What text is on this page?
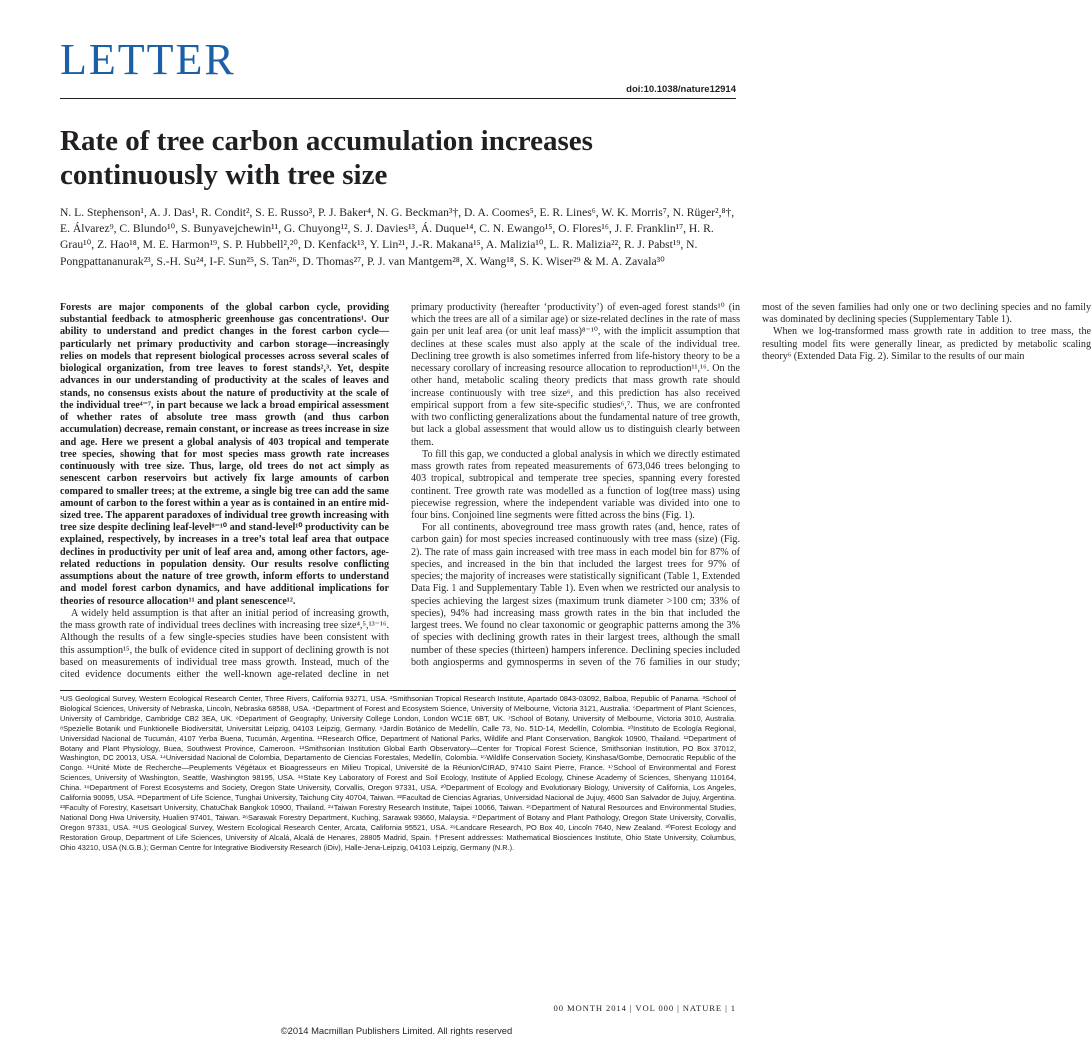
LETTER
doi:10.1038/nature12914
Rate of tree carbon accumulation increases continuously with tree size
N. L. Stephenson¹, A. J. Das¹, R. Condit², S. E. Russo³, P. J. Baker⁴, N. G. Beckman³†, D. A. Coomes⁵, E. R. Lines⁶, W. K. Morris⁷, N. Rüger²,⁸†, E. Álvarez⁹, C. Blundo¹⁰, S. Bunyavejchewin¹¹, G. Chuyong¹², S. J. Davies¹³, Á. Duque¹⁴, C. N. Ewango¹⁵, O. Flores¹⁶, J. F. Franklin¹⁷, H. R. Grau¹⁰, Z. Hao¹⁸, M. E. Harmon¹⁹, S. P. Hubbell²,²⁰, D. Kenfack¹³, Y. Lin²¹, J.-R. Makana¹⁵, A. Malizia¹⁰, L. R. Malizia²², R. J. Pabst¹⁹, N. Pongpattananurak²³, S.-H. Su²⁴, I-F. Sun²⁵, S. Tan²⁶, D. Thomas²⁷, P. J. van Mantgem²⁸, X. Wang¹⁸, S. K. Wiser²⁹ & M. A. Zavala³⁰

Forests are major components of the global carbon cycle, providing substantial feedback to atmospheric greenhouse gas concentrations¹. Our ability to understand and predict changes in the forest carbon cycle—particularly net primary productivity and carbon storage—increasingly relies on models that represent biological processes across several scales of biological organization, from tree leaves to forest stands²,³. Yet, despite advances in our understanding of productivity at the scales of leaves and stands, no consensus exists about the nature of productivity at the scale of the individual tree⁴⁻⁷, in part because we lack a broad empirical assessment of whether rates of absolute tree mass growth (and thus carbon accumulation) decrease, remain constant, or increase as trees increase in size and age. Here we present a global analysis of 403 tropical and temperate tree species, showing that for most species mass growth rate increases continuously with tree size. Thus, large, old trees do not act simply as senescent carbon reservoirs but actively fix large amounts of carbon compared to smaller trees; at the extreme, a single big tree can add the same amount of carbon to the forest within a year as is contained in an entire mid-sized tree. The apparent paradoxes of individual tree growth increasing with tree size despite declining leaf-level⁸⁻¹⁰ and stand-level¹⁰ productivity can be explained, respectively, by increases in a tree’s total leaf area that outpace declines in productivity per unit of leaf area and, among other factors, age-related reductions in population density. Our results resolve conflicting assumptions about the nature of tree growth, inform efforts to understand and model forest carbon dynamics, and have additional implications for theories of resource allocation¹¹ and plant senescence¹².

A widely held assumption is that after an initial period of increasing growth, the mass growth rate of individual trees declines with increasing tree size⁴,⁵,¹³⁻¹⁶. Although the results of a few single-species studies have been consistent with this assumption¹⁵, the bulk of evidence cited in support of declining growth is not based on measurements of individual tree mass growth. Instead, much of the cited evidence documents either the well-known age-related decline in net primary productivity (hereafter ‘productivity’) of even-aged forest stands¹⁰ (in which the trees are all of a similar age) or size-related declines in the rate of mass gain per unit leaf area (or unit leaf mass)⁸⁻¹⁰, with the implicit assumption that declines at these scales must also apply at the scale of the individual tree. Declining tree growth is also sometimes inferred from life-history theory to be a necessary corollary of increasing resource allocation to reproduction¹¹,¹⁶. On the other hand, metabolic scaling theory predicts that mass growth rate should increase continuously with tree size⁶, and this prediction has also received empirical support from a few site-specific studies⁶,⁷. Thus, we are confronted with two conflicting generalizations about the fundamental nature of tree growth, but lack a global assessment that would allow us to distinguish clearly between them.

To fill this gap, we conducted a global analysis in which we directly estimated mass growth rates from repeated measurements of 673,046 trees belonging to 403 tropical, subtropical and temperate tree species, spanning every forested continent. Tree growth rate was modelled as a function of log(tree mass) using piecewise regression, where the independent variable was divided into one to four bins. Conjoined line segments were fitted across the bins (Fig. 1).

For all continents, aboveground tree mass growth rates (and, hence, rates of carbon gain) for most species increased continuously with tree mass (size) (Fig. 2). The rate of mass gain increased with tree mass in each model bin for 87% of species, and increased in the bin that included the largest trees for 97% of species; the majority of increases were statistically significant (Table 1, Extended Data Fig. 1 and Supplementary Table 1). Even when we restricted our analysis to species achieving the largest sizes (maximum trunk diameter >100 cm; 33% of species), 94% had increasing mass growth rates in the bin that included the largest trees. We found no clear taxonomic or geographic patterns among the 3% of species with declining growth rates in their largest trees, although the small number of these species (thirteen) hampers inference. Declining species included both angiosperms and gymnosperms in seven of the 76 families in our study; most of the seven families had only one or two declining species and no family was dominated by declining species (Supplementary Table 1).

When we log-transformed mass growth rate in addition to tree mass, the resulting model fits were generally linear, as predicted by metabolic scaling theory⁶ (Extended Data Fig. 2). Similar to the results of our main

¹US Geological Survey, Western Ecological Research Center, Three Rivers, California 93271, USA. ²Smithsonian Tropical Research Institute, Apartado 0843-03092, Balboa, Republic of Panama. ³School of Biological Sciences, University of Nebraska, Lincoln, Nebraska 68588, USA. ⁴Department of Forest and Ecosystem Science, University of Melbourne, Victoria 3121, Australia. ⁵Department of Plant Sciences, University of Cambridge, Cambridge CB2 3EA, UK. ⁶Department of Geography, University College London, London WC1E 6BT, UK. ⁷School of Botany, University of Melbourne, Victoria 3010, Australia. ⁸Spezielle Botanik und Funktionelle Biodiversität, Universität Leipzig, 04103 Leipzig, Germany. ⁹Jardín Botánico de Medellín, Calle 73, No. 51D-14, Medellín, Colombia. ¹⁰Instituto de Ecología Regional, Universidad Nacional de Tucumán, 4107 Yerba Buena, Tucumán, Argentina. ¹¹Research Office, Department of National Parks, Wildlife and Plant Conservation, Bangkok 10900, Thailand. ¹²Department of Botany and Plant Physiology, Buea, Southwest Province, Cameroon. ¹³Smithsonian Institution Global Earth Observatory—Center for Tropical Forest Science, Smithsonian Institution, PO Box 37012, Washington, DC 20013, USA. ¹⁴Universidad Nacional de Colombia, Departamento de Ciencias Forestales, Medellín, Colombia. ¹⁵Wildlife Conservation Society, Kinshasa/Gombe, Democratic Republic of the Congo. ¹⁶Unité Mixte de Recherche—Peuplements Végétaux et Bioagresseurs en Milieu Tropical, Université de la Réunion/CIRAD, 97410 Saint Pierre, France. ¹⁷School of Environmental and Forest Sciences, University of Washington, Seattle, Washington 98195, USA. ¹⁸State Key Laboratory of Forest and Soil Ecology, Institute of Applied Ecology, Chinese Academy of Sciences, Shenyang 110164, China. ¹⁹Department of Forest Ecosystems and Society, Oregon State University, Corvallis, Oregon 97331, USA. ²⁰Department of Ecology and Evolutionary Biology, University of California, Los Angeles, California 90095, USA. ²¹Department of Life Science, Tunghai University, Taichung City 40704, Taiwan. ²²Facultad de Ciencias Agrarias, Universidad Nacional de Jujuy, 4600 San Salvador de Jujuy, Argentina. ²³Faculty of Forestry, Kasetsart University, ChatuChak Bangkok 10900, Thailand. ²⁴Taiwan Forestry Research Institute, Taipei 10066, Taiwan. ²⁵Department of Natural Resources and Environmental Studies, National Dong Hwa University, Hualien 97401, Taiwan. ²⁶Sarawak Forestry Department, Kuching, Sarawak 93660, Malaysia. ²⁷Department of Botany and Plant Pathology, Oregon State University, Corvallis, Oregon 97331, USA. ²⁸US Geological Survey, Western Ecological Research Center, Arcata, California 95521, USA. ²⁹Landcare Research, PO Box 40, Lincoln 7640, New Zealand. ³⁰Forest Ecology and Restoration Group, Department of Life Sciences, University of Alcalá, Alcalá de Henares, 28805 Madrid, Spain. †Present addresses: Mathematical Biosciences Institute, Ohio State University, Columbus, Ohio 43210, USA (N.G.B.); German Centre for Integrative Biodiversity Research (iDiv), Halle-Jena-Leipzig, 04103 Leipzig, Germany (N.R.).

00 MONTH 2014 | VOL 000 | NATURE | 1
©2014 Macmillan Publishers Limited. All rights reserved
